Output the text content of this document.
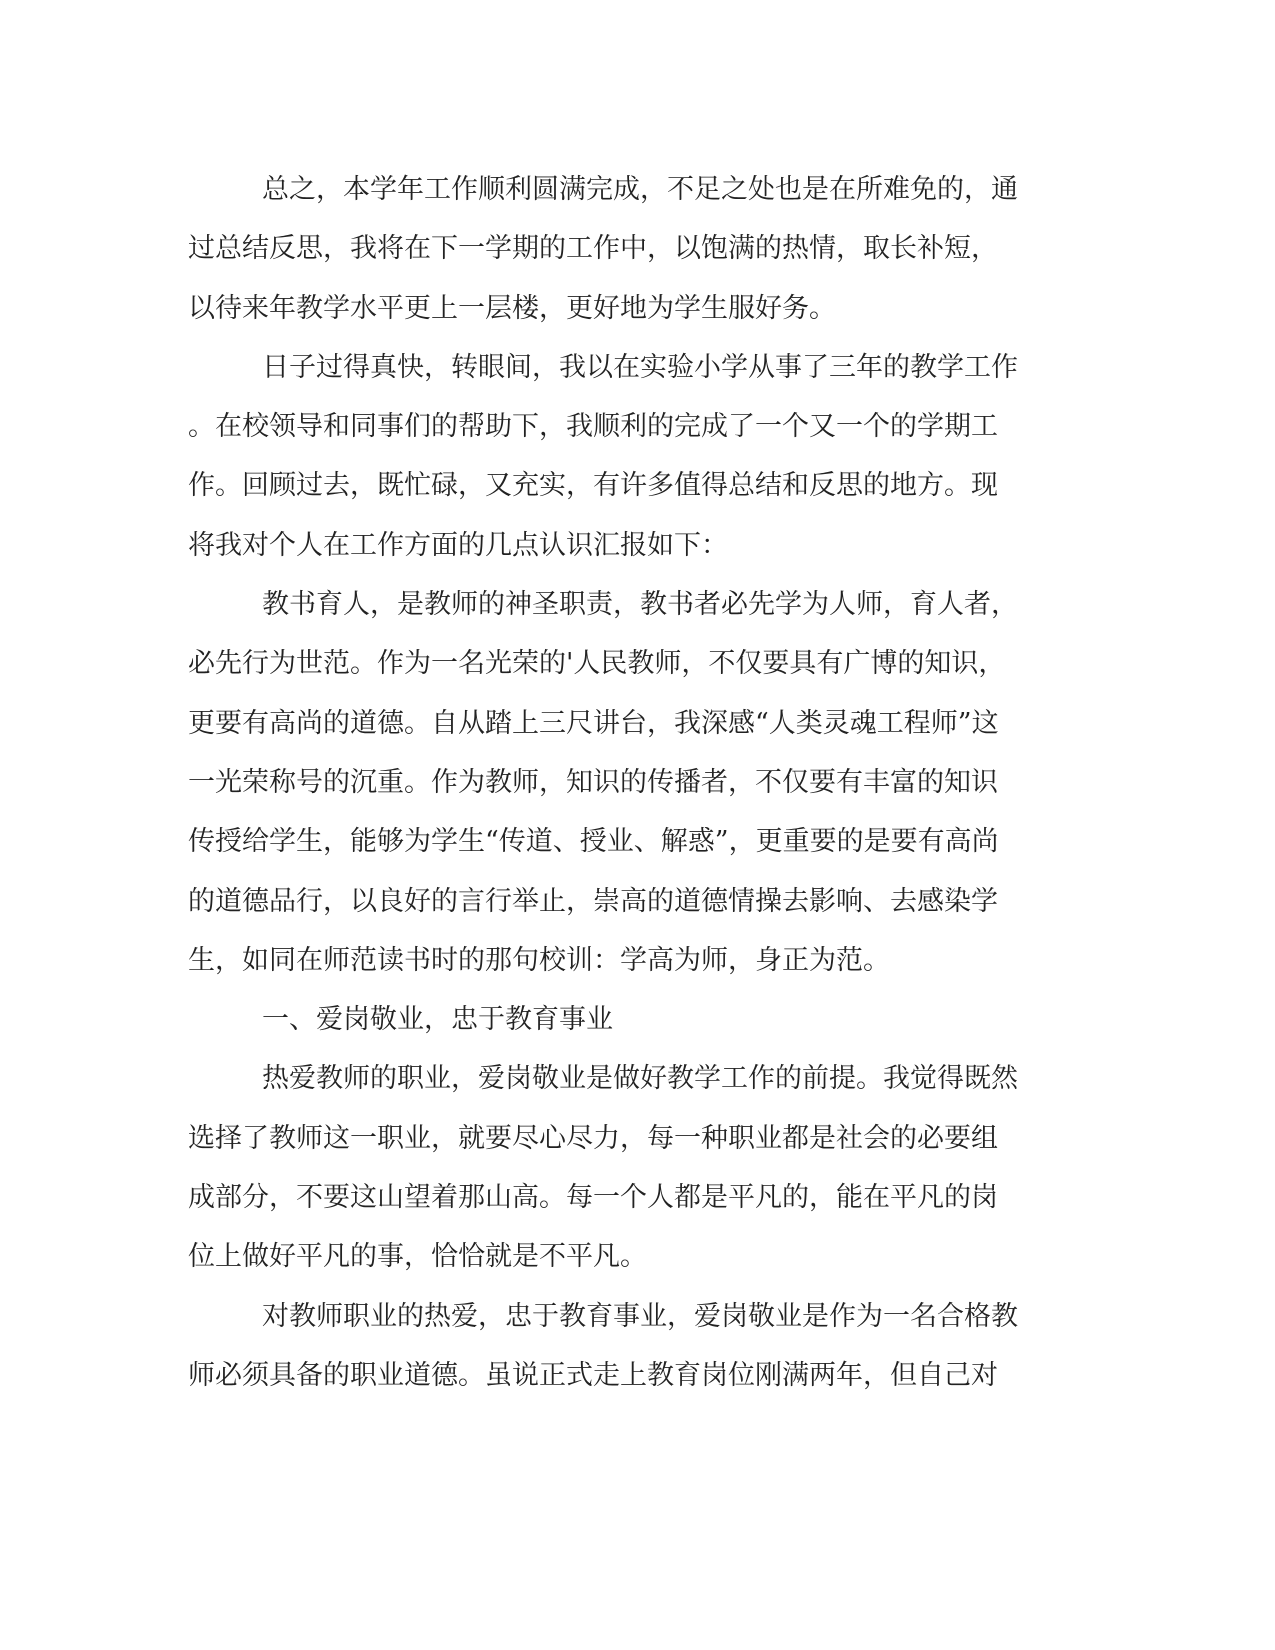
总之，本学年工作顺利圆满完成，不足之处也是在所难免的，通
过总结反思，我将在下一学期的工作中，以饱满的热情，取长补短，
以待来年教学水平更上一层楼，更好地为学生服好务。
日子过得真快，转眼间，我以在实验小学从事了三年的教学工作
。在校领导和同事们的帮助下，我顺利的完成了一个又一个的学期工
作。回顾过去，既忙碌，又充实，有许多值得总结和反思的地方。现
将我对个人在工作方面的几点认识汇报如下：
教书育人，是教师的神圣职责，教书者必先学为人师，育人者，
必先行为世范。作为一名光荣的'人民教师，不仅要具有广博的知识，
更要有高尚的道德。自从踏上三尺讲台，我深感“人类灵魂工程师”这
一光荣称号的沉重。作为教师，知识的传播者，不仅要有丰富的知识
传授给学生，能够为学生“传道、授业、解惑”，更重要的是要有高尚
的道德品行，以良好的言行举止，崇高的道德情操去影响、去感染学
生，如同在师范读书时的那句校训：学高为师，身正为范。
一、爱岗敬业，忠于教育事业
热爱教师的职业，爱岗敬业是做好教学工作的前提。我觉得既然
选择了教师这一职业，就要尽心尽力，每一种职业都是社会的必要组
成部分，不要这山望着那山高。每一个人都是平凡的，能在平凡的岗
位上做好平凡的事，恰恰就是不平凡。
对教师职业的热爱，忠于教育事业，爱岗敬业是作为一名合格教
师必须具备的职业道德。虽说正式走上教育岗位刚满两年，但自己对
